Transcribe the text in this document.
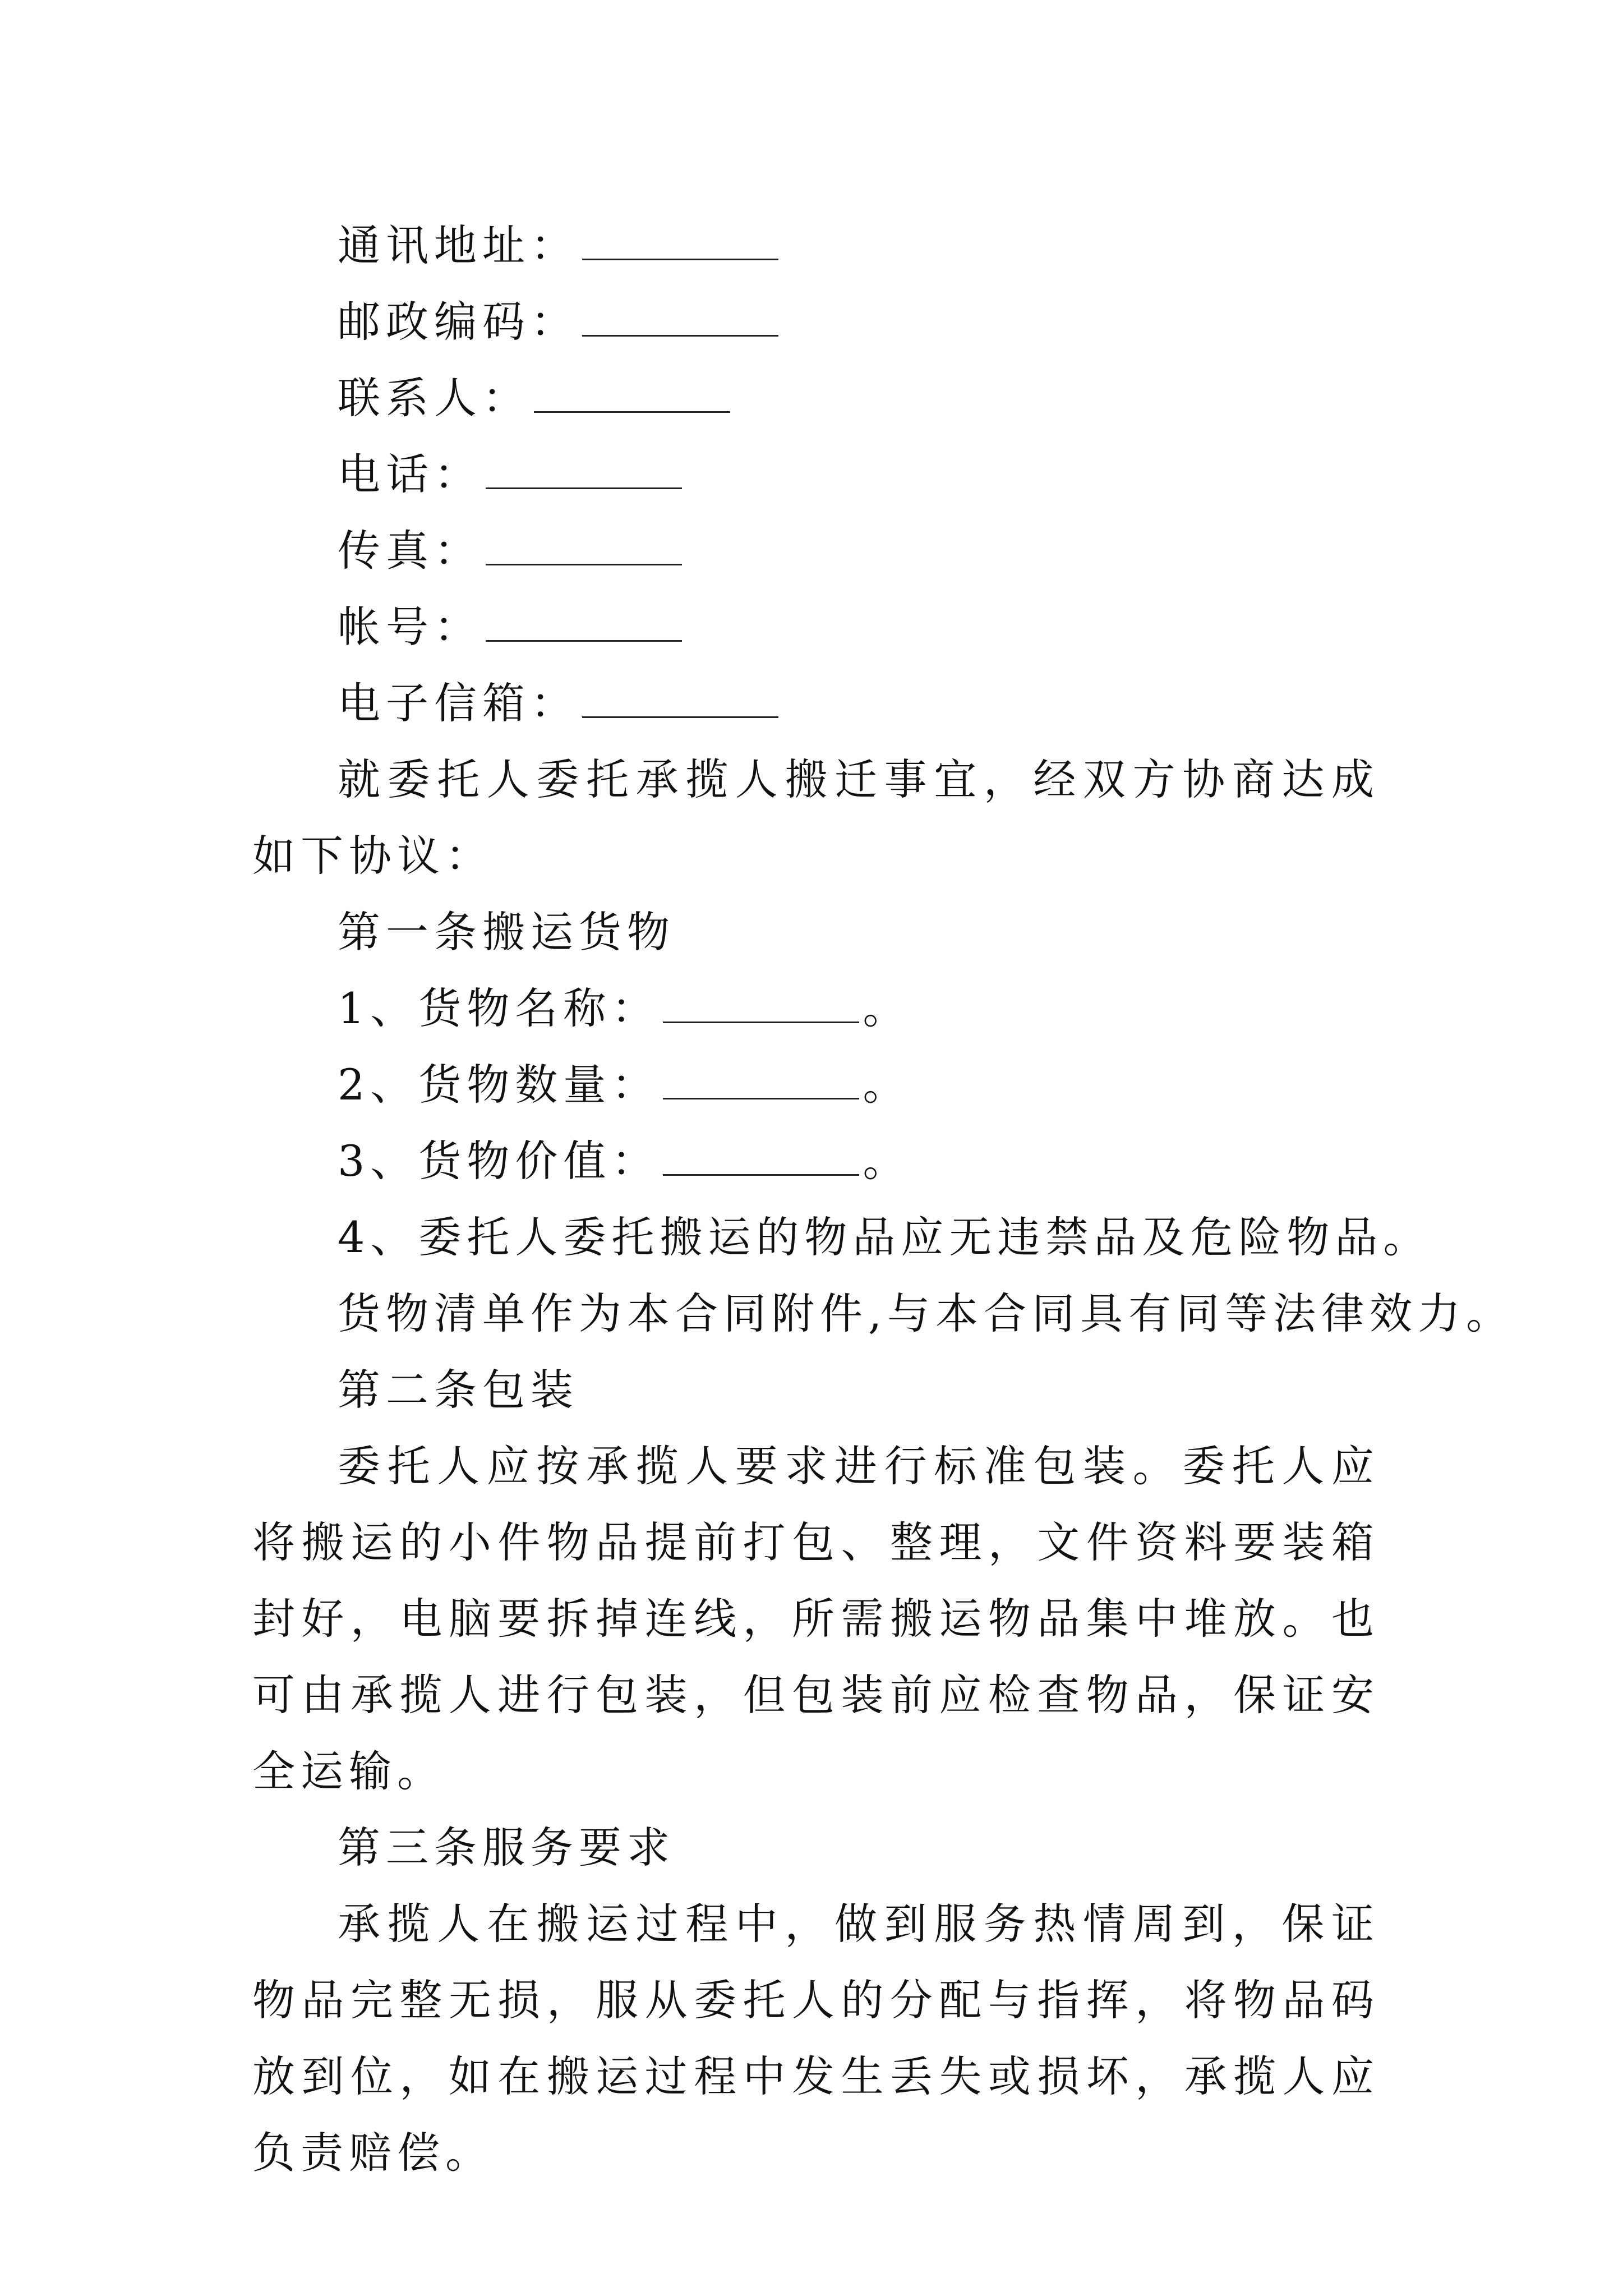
通讯地址：
邮政编码：
联系人：
电话：
传真：
帐号：
电子信箱：
就委托人委托承揽人搬迁事宜，经双方协商达成如下协议：
第一条搬运货物
1、货物名称：	。
2、货物数量：	。
3、货物价值：	。
4、委托人委托搬运的物品应无违禁品及危险物品。
货物清单作为本合同附件,与本合同具有同等法律效力。
第二条包装
委托人应按承揽人要求进行标准包装。委托人应将搬运的小件物品提前打包、整理，文件资料要装箱封好，电脑要拆掉连线，所需搬运物品集中堆放。也可由承揽人进行包装，但包装前应检查物品，保证安全运输。
第三条服务要求
承揽人在搬运过程中，做到服务热情周到，保证物品完整无损，服从委托人的分配与指挥，将物品码放到位，如在搬运过程中发生丢失或损坏，承揽人应负责赔偿。
